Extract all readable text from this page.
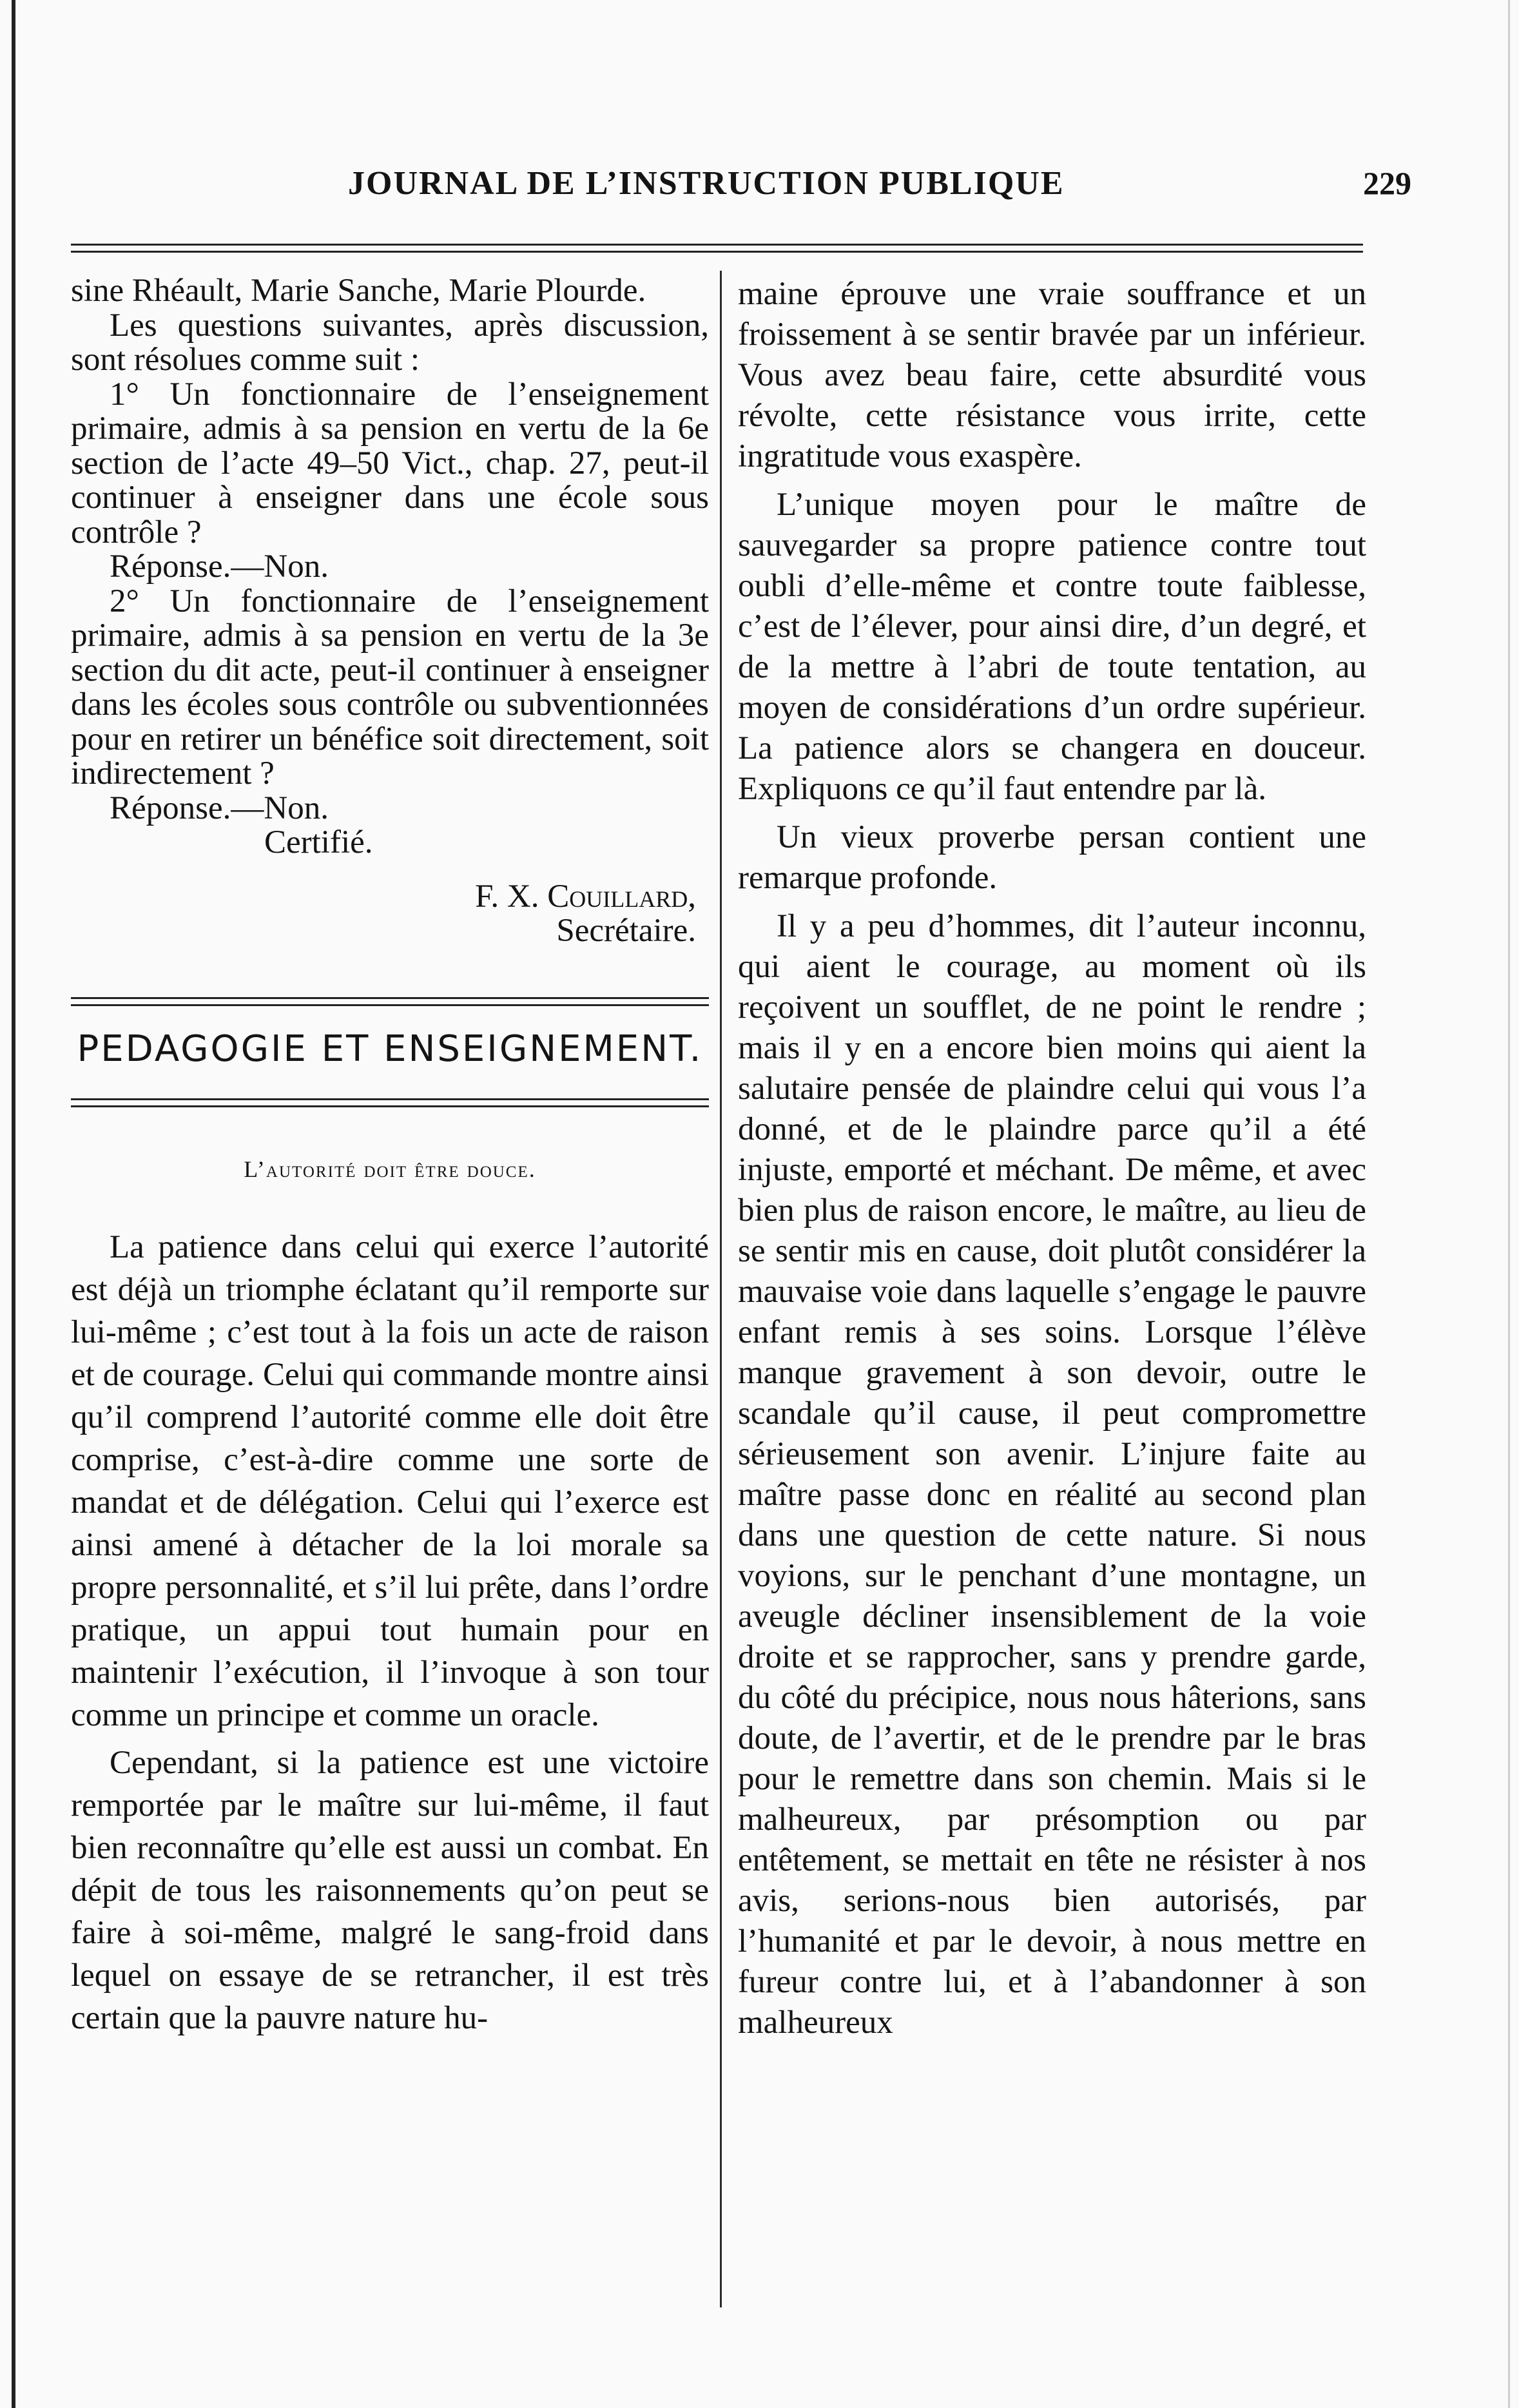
JOURNAL DE L’INSTRUCTION PUBLIQUE	229

sine Rhéault, Marie Sanche, Marie Plourde.

Les questions suivantes, après discussion, sont résolues comme suit :

1° Un fonctionnaire de l’enseignement primaire, admis à sa pension en vertu de la 6e section de l’acte 49–50 Vict., chap. 27, peut-il continuer à enseigner dans une école sous contrôle ?

Réponse.—Non.

2° Un fonctionnaire de l’enseignement primaire, admis à sa pension en vertu de la 3e section du dit acte, peut-il continuer à enseigner dans les écoles sous contrôle ou subventionnées pour en retirer un bénéfice soit directement, soit indirectement ?

Réponse.—Non.

Certifié.

F. X. Couillard,
Secrétaire.
PEDAGOGIE ET ENSEIGNEMENT.
L’autorité doit être douce.

La patience dans celui qui exerce l’autorité est déjà un triomphe éclatant qu’il remporte sur lui-même ; c’est tout à la fois un acte de raison et de courage. Celui qui commande montre ainsi qu’il comprend l’autorité comme elle doit être comprise, c’est-à-dire comme une sorte de mandat et de délégation. Celui qui l’exerce est ainsi amené à détacher de la loi morale sa propre personnalité, et s’il lui prête, dans l’ordre pratique, un appui tout humain pour en maintenir l’exécution, il l’invoque à son tour comme un principe et comme un oracle.

Cependant, si la patience est une victoire remportée par le maître sur lui-même, il faut bien reconnaître qu’elle est aussi un combat. En dépit de tous les raisonnements qu’on peut se faire à soi-même, malgré le sang-froid dans lequel on essaye de se retrancher, il est très certain que la pauvre nature hu-

maine éprouve une vraie souffrance et un froissement à se sentir bravée par un inférieur. Vous avez beau faire, cette absurdité vous révolte, cette résistance vous irrite, cette ingratitude vous exaspère.

L’unique moyen pour le maître de sauvegarder sa propre patience contre tout oubli d’elle-même et contre toute faiblesse, c’est de l’élever, pour ainsi dire, d’un degré, et de la mettre à l’abri de toute tentation, au moyen de considérations d’un ordre supérieur. La patience alors se changera en douceur. Expliquons ce qu’il faut entendre par là.

Un vieux proverbe persan contient une remarque profonde.

Il y a peu d’hommes, dit l’auteur inconnu, qui aient le courage, au moment où ils reçoivent un soufflet, de ne point le rendre ; mais il y en a encore bien moins qui aient la salutaire pensée de plaindre celui qui vous l’a donné, et de le plaindre parce qu’il a été injuste, emporté et méchant. De même, et avec bien plus de raison encore, le maître, au lieu de se sentir mis en cause, doit plutôt considérer la mauvaise voie dans laquelle s’engage le pauvre enfant remis à ses soins. Lorsque l’élève manque gravement à son devoir, outre le scandale qu’il cause, il peut compromettre sérieusement son avenir. L’injure faite au maître passe donc en réalité au second plan dans une question de cette nature. Si nous voyions, sur le penchant d’une montagne, un aveugle décliner insensiblement de la voie droite et se rapprocher, sans y prendre garde, du côté du précipice, nous nous hâterions, sans doute, de l’avertir, et de le prendre par le bras pour le remettre dans son chemin. Mais si le malheureux, par présomption ou par entêtement, se mettait en tête ne résister à nos avis, serions-nous bien autorisés, par l’humanité et par le devoir, à nous mettre en fureur contre lui, et à l’abandonner à son malheureux
